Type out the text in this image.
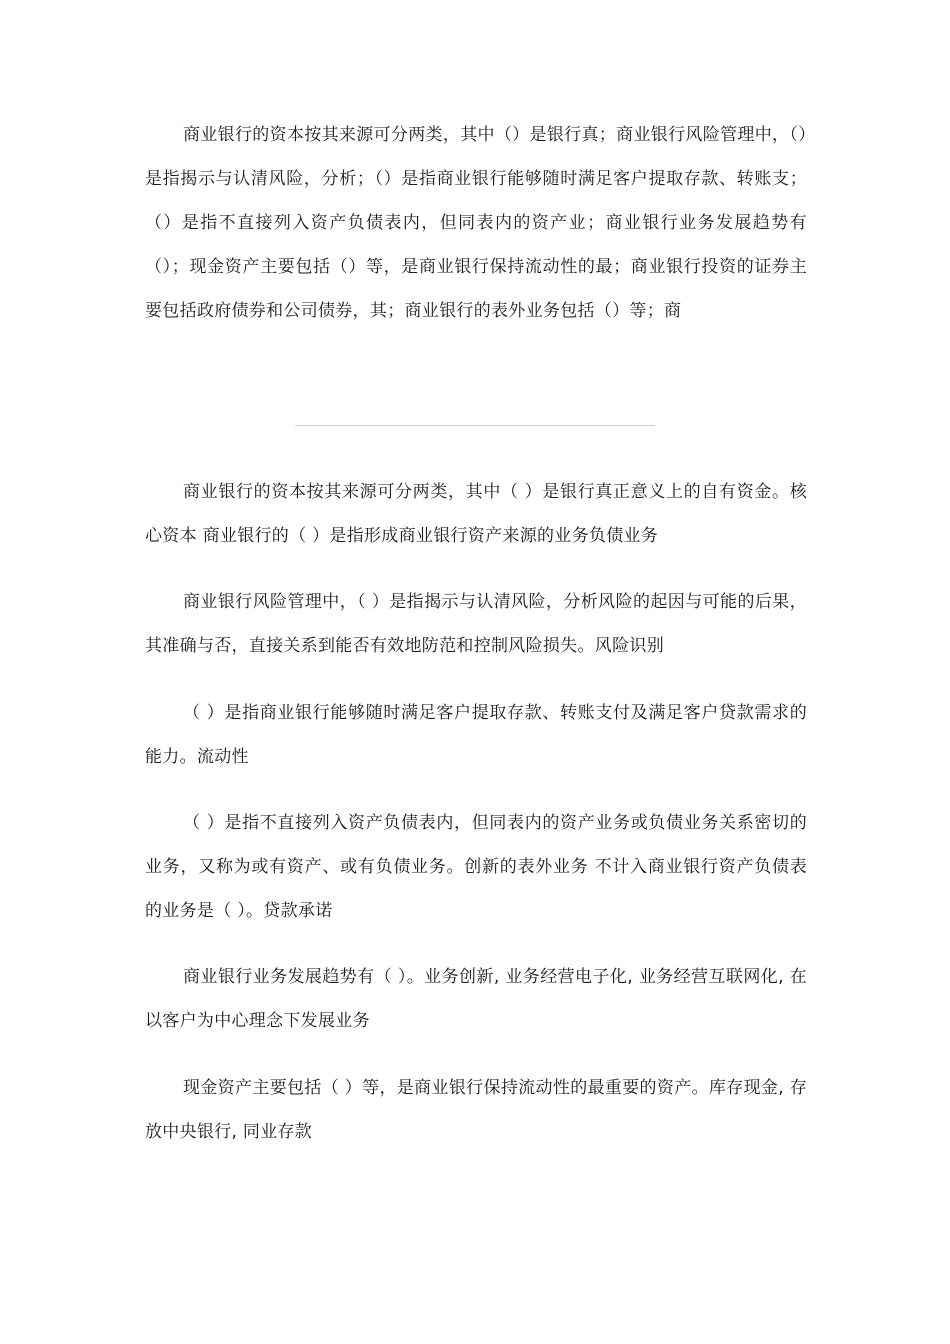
商业银行的资本按其来源可分两类，其中（）是银行真；商业银行风险管理中，（）是指揭示与认清风险，分析；（）是指商业银行能够随时满足客户提取存款、转账支；（）是指不直接列入资产负债表内，但同表内的资产业；商业银行业务发展趋势有（）；现金资产主要包括（）等，是商业银行保持流动性的最；商业银行投资的证券主要包括政府债券和公司债券，其；商业银行的表外业务包括（）等；商

商业银行的资本按其来源可分两类，其中（ ）是银行真正意义上的自有资金。核心资本 商业银行的（ ）是指形成商业银行资产来源的业务负债业务

商业银行风险管理中，（ ）是指揭示与认清风险，分析风险的起因与可能的后果，其准确与否，直接关系到能否有效地防范和控制风险损失。风险识别

（ ）是指商业银行能够随时满足客户提取存款、转账支付及满足客户贷款需求的能力。流动性

（ ）是指不直接列入资产负债表内，但同表内的资产业务或负债业务关系密切的业务，又称为或有资产、或有负债业务。创新的表外业务 不计入商业银行资产负债表的业务是（ ）。贷款承诺

商业银行业务发展趋势有（ ）。业务创新, 业务经营电子化, 业务经营互联网化, 在以客户为中心理念下发展业务

现金资产主要包括（ ）等，是商业银行保持流动性的最重要的资产。库存现金, 存放中央银行, 同业存款
